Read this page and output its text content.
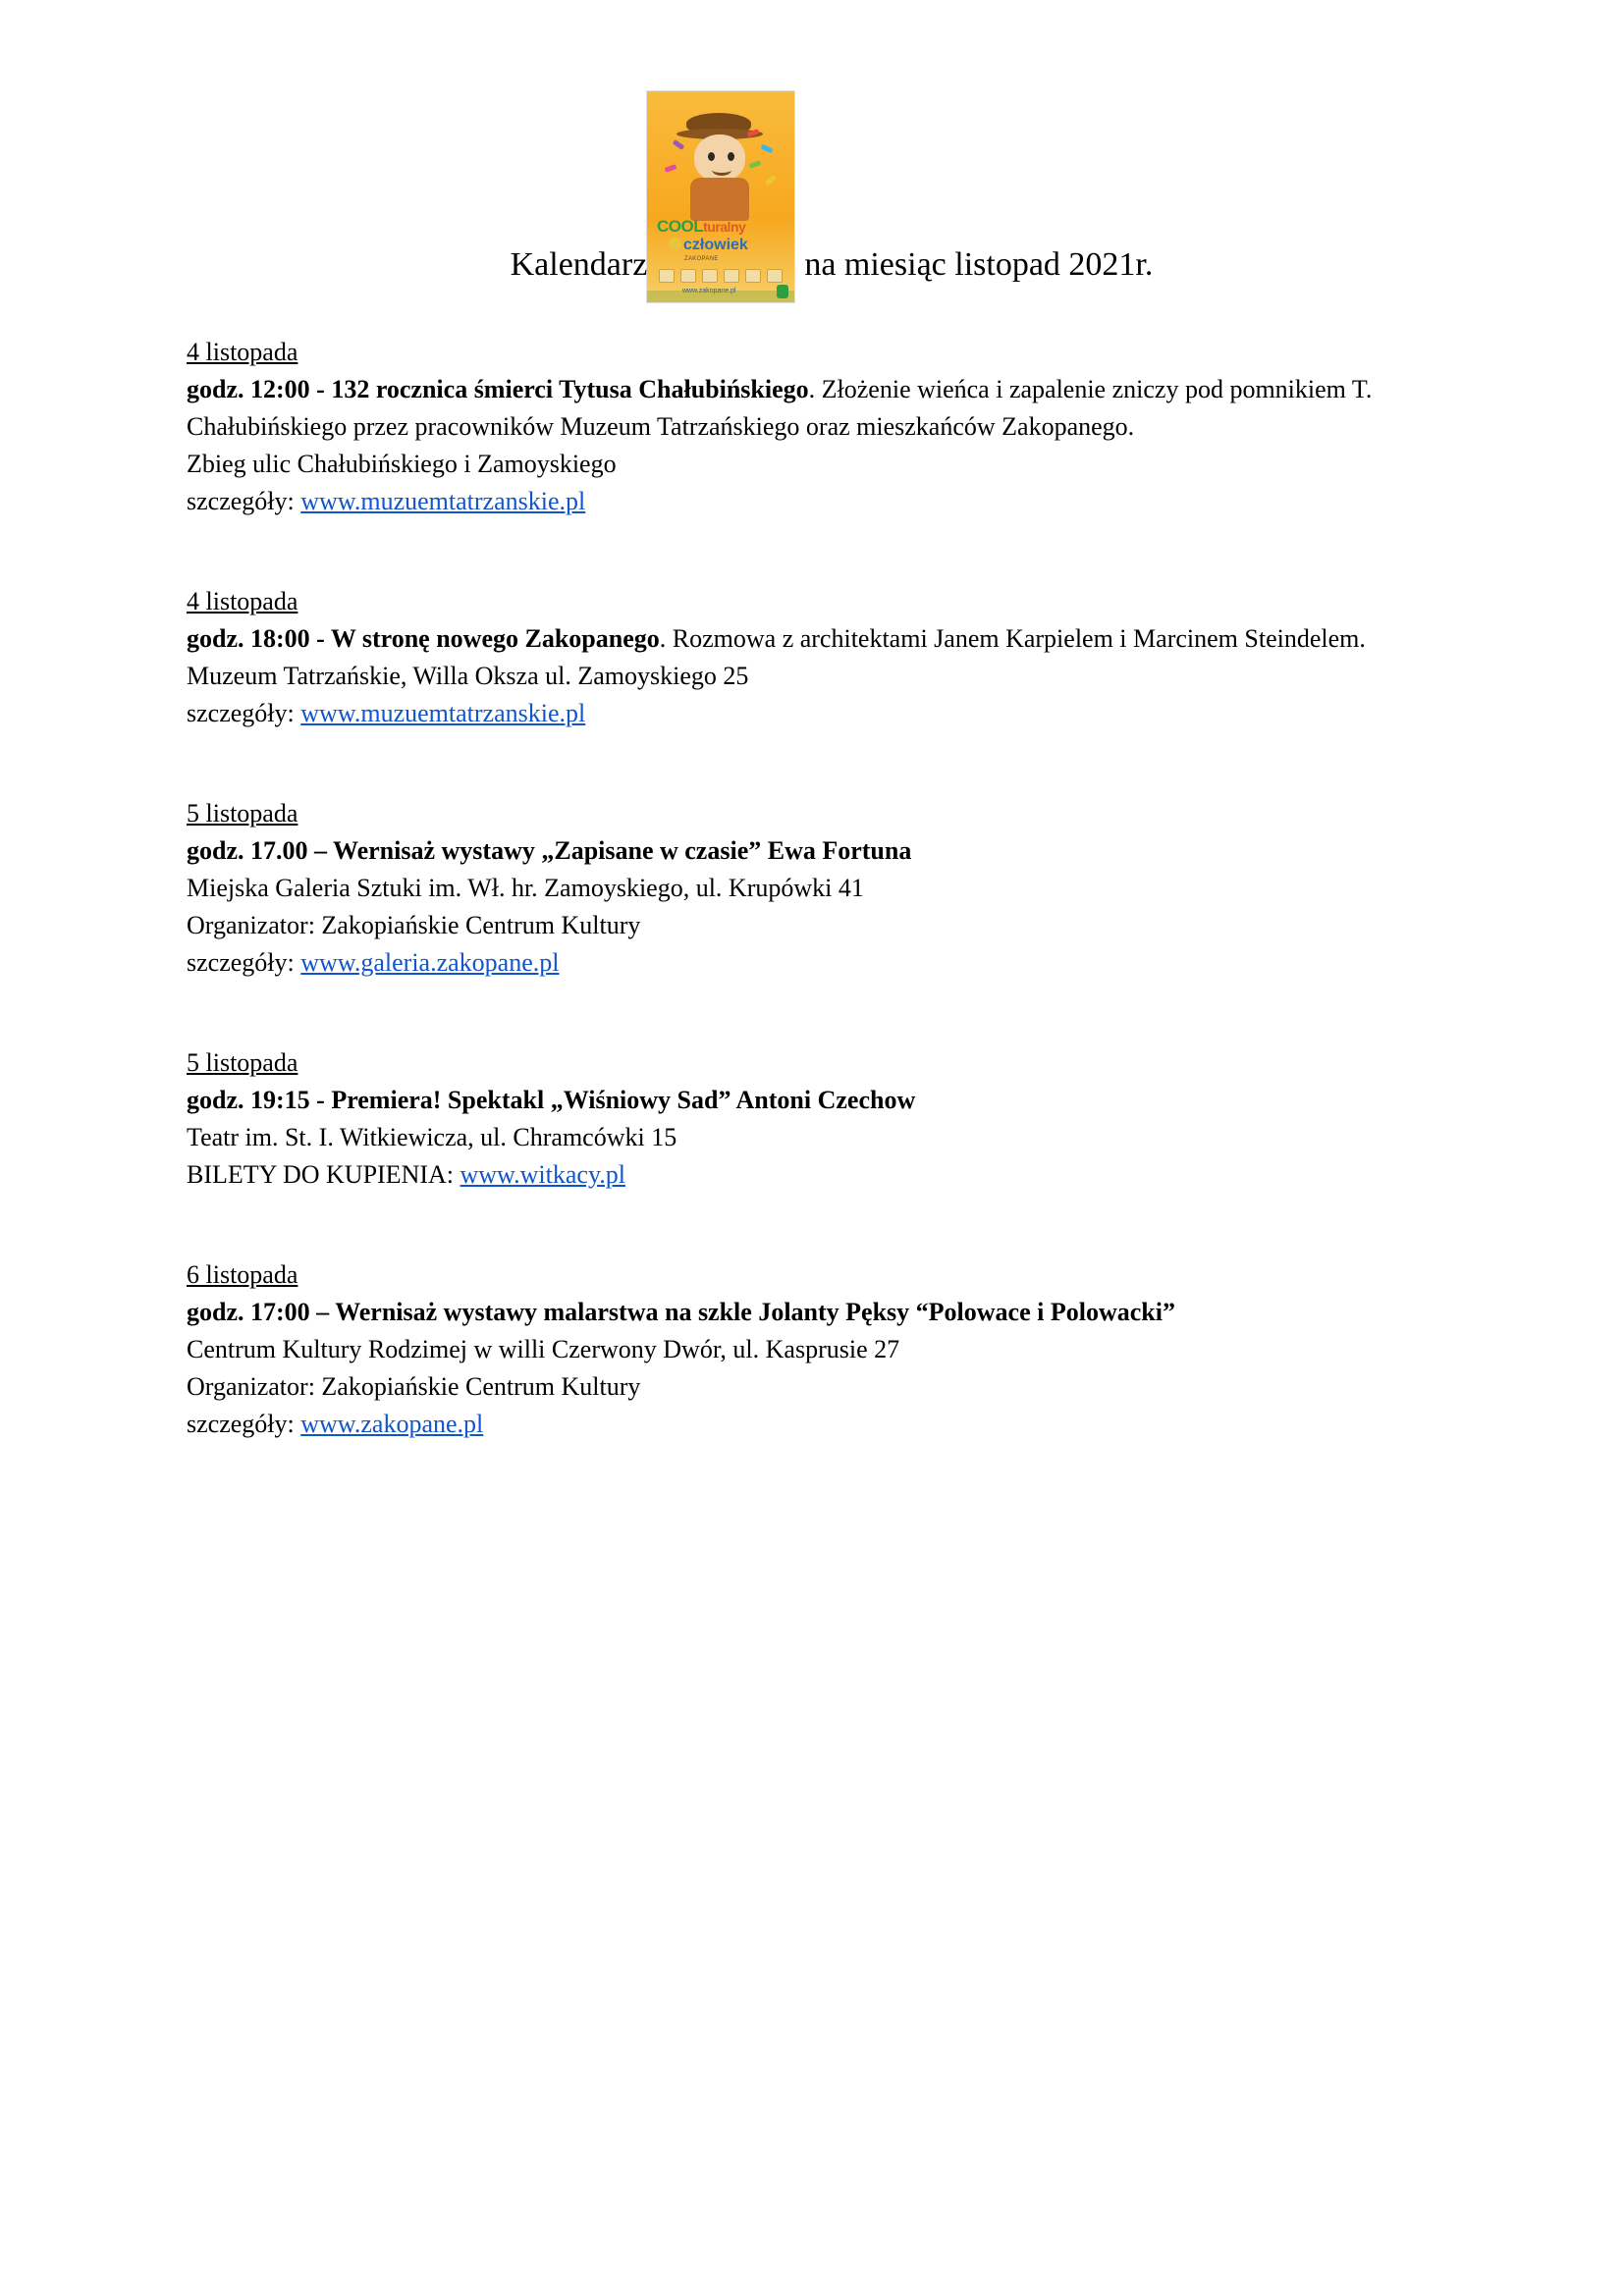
COOLturalny
człowiek
ZAKOPANE
www.zakopane.pl
Kalendarz	na miesiąc listopad 2021r.
4 listopada
godz. 12:00 - 132 rocznica śmierci Tytusa Chałubińskiego. Złożenie wieńca i zapalenie zniczy pod pomnikiem T. Chałubińskiego przez pracowników Muzeum Tatrzańskiego oraz mieszkańców Zakopanego.
Zbieg ulic Chałubińskiego i Zamoyskiego
szczegóły: www.muzuemtatrzanskie.pl
4 listopada
godz. 18:00 - W stronę nowego Zakopanego. Rozmowa z architektami Janem Karpielem i Marcinem Steindelem.
Muzeum Tatrzańskie, Willa Oksza ul. Zamoyskiego 25
szczegóły: www.muzuemtatrzanskie.pl
5 listopada
godz. 17.00 – Wernisaż wystawy „Zapisane w czasie” Ewa Fortuna
Miejska Galeria Sztuki im. Wł. hr. Zamoyskiego, ul. Krupówki 41
Organizator: Zakopiańskie Centrum Kultury
szczegóły: www.galeria.zakopane.pl
5 listopada
godz. 19:15 - Premiera! Spektakl „Wiśniowy Sad” Antoni Czechow
Teatr im. St. I. Witkiewicza, ul. Chramcówki 15
BILETY DO KUPIENIA: www.witkacy.pl
6 listopada
godz. 17:00 – Wernisaż wystawy malarstwa na szkle Jolanty Pęksy “Polowace i Polowacki”
Centrum Kultury Rodzimej w willi Czerwony Dwór, ul. Kasprusie 27
Organizator: Zakopiańskie Centrum Kultury
szczegóły: www.zakopane.pl
